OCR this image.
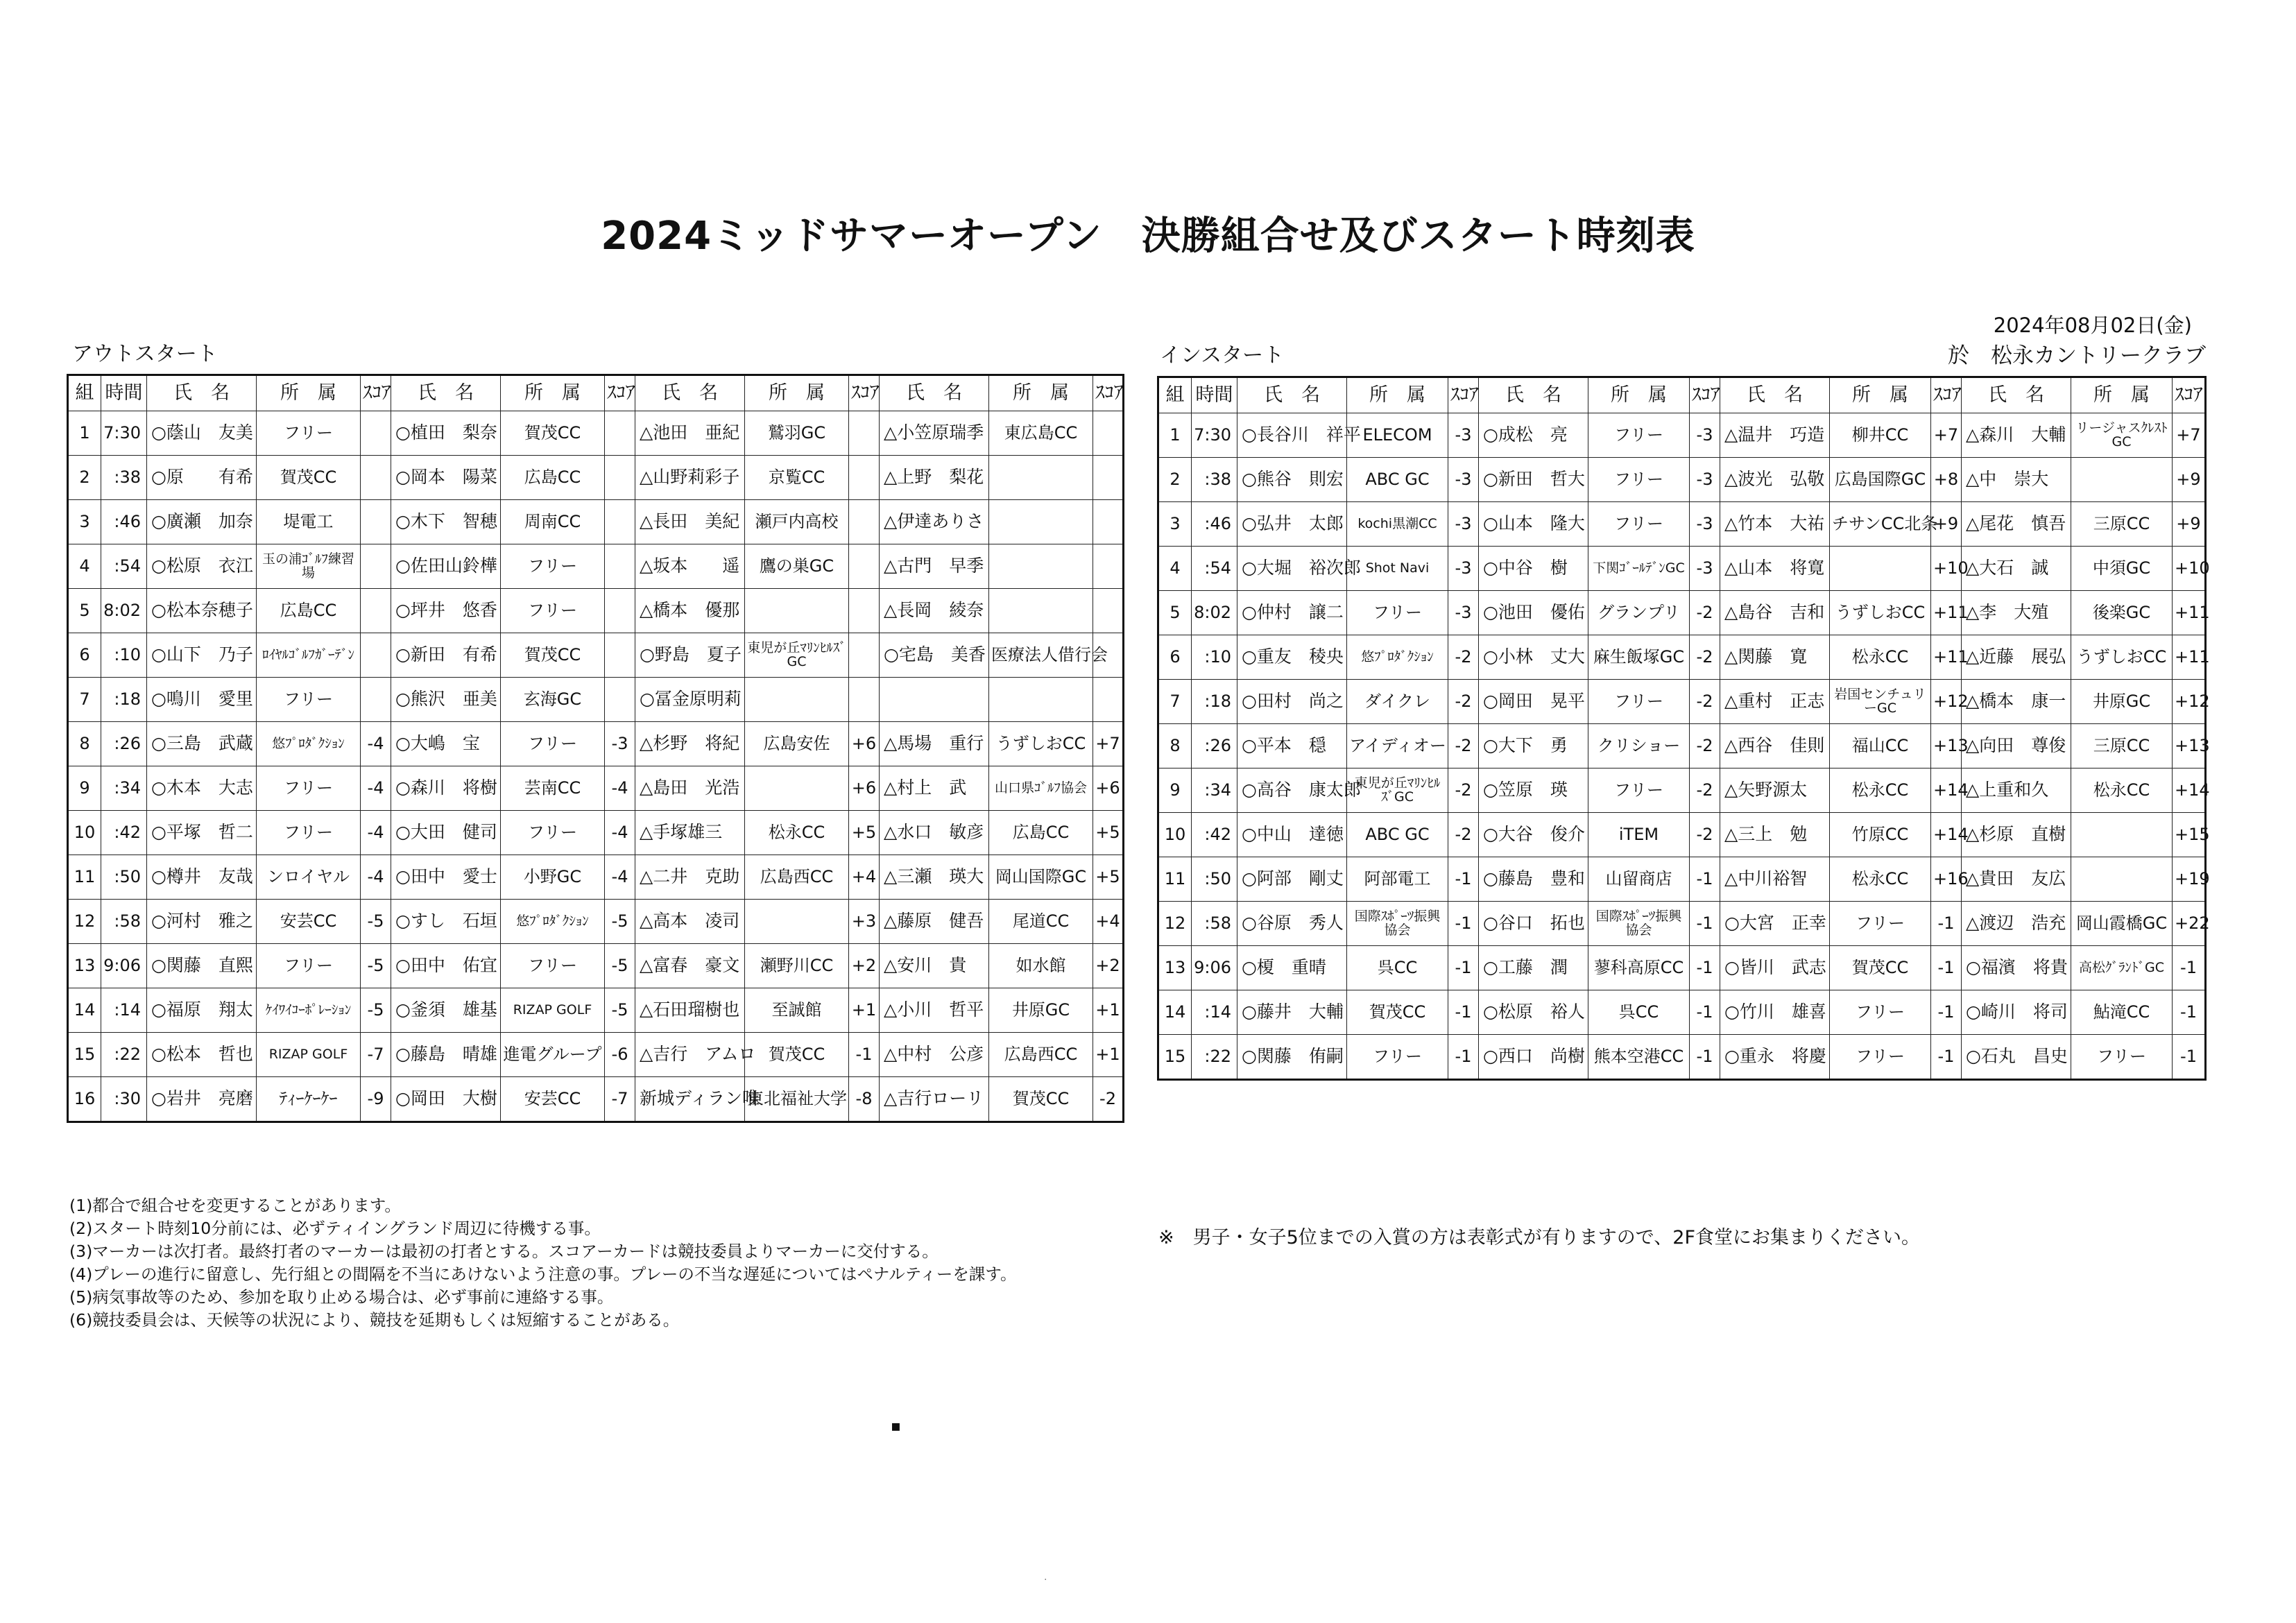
2024ミッドサマーオープン　決勝組合せ及びスタート時刻表
2024年08月02日(金)
於　松永カントリークラブ
アウトスタート	インスタート
組	時間	氏　名	所　属	ｽｺｱ	氏　名	所　属	ｽｺｱ	氏　名	所　属	ｽｺｱ	氏　名	所　属	ｽｺｱ
1	7:30	○蔭山　友美	フリー		○植田　梨奈	賀茂CC		△池田　亜紀	鷲羽GC		△小笠原瑞季	東広島CC	
2	:38	○原　　有希	賀茂CC		○岡本　陽菜	広島CC		△山野莉彩子	京覧CC		△上野　梨花		
3	:46	○廣瀬　加奈	堤電工		○木下　智穂	周南CC		△長田　美紀	瀬戸内高校		△伊達ありさ		
4	:54	○松原　衣江	玉の浦ｺﾞﾙﾌ練習場		○佐田山鈴樺	フリー		△坂本　　遥	鷹の巣GC		△古門　早季		
5	8:02	○松本奈穂子	広島CC		○坪井　悠香	フリー		△橋本　優那			△長岡　綾奈		
6	:10	○山下　乃子	ﾛｲﾔﾙｺﾞﾙﾌｶﾞｰﾃﾞﾝ		○新田　有希	賀茂CC		○野島　夏子	東児が丘ﾏﾘﾝﾋﾙｽﾞGC		○宅島　美香	医療法人借行会	
7	:18	○鳴川　愛里	フリー		○熊沢　亜美	玄海GC		○冨金原明莉					
8	:26	○三島　武蔵	悠ﾌﾟﾛﾀﾞｸｼｮﾝ	-4	○大嶋　宝	フリー	-3	△杉野　将紀	広島安佐	+6	△馬場　重行	うずしおCC	+7
9	:34	○木本　大志	フリー	-4	○森川　将樹	芸南CC	-4	△島田　光浩		+6	△村上　武	山口県ｺﾞﾙﾌ協会	+6
10	:42	○平塚　哲二	フリー	-4	○大田　健司	フリー	-4	△手塚雄三	松永CC	+5	△水口　敏彦	広島CC	+5
11	:50	○樽井　友哉	ンロイヤル	-4	○田中　愛士	小野GC	-4	△二井　克助	広島西CC	+4	△三瀬　瑛大	岡山国際GC	+5
12	:58	○河村　雅之	安芸CC	-5	○すし　石垣	悠ﾌﾟﾛﾀﾞｸｼｮﾝ	-5	△高本　凌司		+3	△藤原　健吾	尾道CC	+4
13	9:06	○関藤　直熙	フリー	-5	○田中　佑宜	フリー	-5	△富春　豪文	瀬野川CC	+2	△安川　貴	如水館	+2
14	:14	○福原　翔太	ｹｲﾜｲｺｰﾎﾟﾚｰｼｮﾝ	-5	○釜須　雄基	RIZAP GOLF	-5	△石田瑠樹也	至誠館	+1	△小川　哲平	井原GC	+1
15	:22	○松本　哲也	RIZAP GOLF	-7	○藤島　晴雄	進電グループ	-6	△吉行　アムロ	賀茂CC	-1	△中村　公彦	広島西CC	+1
16	:30	○岩井　亮磨	ﾃｨｰｹｰｹｰ	-9	○岡田　大樹	安芸CC	-7	新城ディラン唯	東北福祉大学	-8	△吉行ローリ	賀茂CC	-2
組	時間	氏　名	所　属	ｽｺｱ	氏　名	所　属	ｽｺｱ	氏　名	所　属	ｽｺｱ	氏　名	所　属	ｽｺｱ
1	7:30	○長谷川　祥平	ELECOM	-3	○成松　亮	フリー	-3	△温井　巧造	柳井CC	+7	△森川　大輔	リージャスｸﾚｽﾄGC	+7
2	:38	○熊谷　則宏	ABC GC	-3	○新田　哲大	フリー	-3	△波光　弘敬	広島国際GC	+8	△中　崇大		+9
3	:46	○弘井　太郎	kochi黒潮CC	-3	○山本　隆大	フリー	-3	△竹本　大祐	チサンCC北条	+9	△尾花　慎吾	三原CC	+9
4	:54	○大堀　裕次郎	Shot Navi	-3	○中谷　樹	下関ｺﾞｰﾙﾃﾞﾝGC	-3	△山本　将寛		+10	△大石　誠	中須GC	+10
5	8:02	○仲村　譲二	フリー	-3	○池田　優佑	グランプリ	-2	△島谷　吉和	うずしおCC	+11	△李　大殖	後楽GC	+11
6	:10	○重友　稜央	悠ﾌﾟﾛﾀﾞｸｼｮﾝ	-2	○小林　丈大	麻生飯塚GC	-2	△関藤　寛	松永CC	+11	△近藤　展弘	うずしおCC	+11
7	:18	○田村　尚之	ダイクレ	-2	○岡田　晃平	フリー	-2	△重村　正志	岩国センチュリーGC	+12	△橋本　康一	井原GC	+12
8	:26	○平本　穏	アイディオー	-2	○大下　勇	クリショー	-2	△西谷　佳則	福山CC	+13	△向田　尊俊	三原CC	+13
9	:34	○高谷　康太郎	東児が丘ﾏﾘﾝﾋﾙｽﾞGC	-2	○笠原　瑛	フリー	-2	△矢野源太	松永CC	+14	△上重和久	松永CC	+14
10	:42	○中山　達徳	ABC GC	-2	○大谷　俊介	iTEM	-2	△三上　勉	竹原CC	+14	△杉原　直樹		+15
11	:50	○阿部　剛丈	阿部電工	-1	○藤島　豊和	山留商店	-1	△中川裕智	松永CC	+16	△貴田　友広		+19
12	:58	○谷原　秀人	国際ｽﾎﾟｰﾂ振興協会	-1	○谷口　拓也	国際ｽﾎﾟｰﾂ振興協会	-1	○大宮　正幸	フリー	-1	△渡辺　浩充	岡山霞橋GC	+22
13	9:06	○榎　重晴	呉CC	-1	○工藤　潤	蓼科高原CC	-1	○皆川　武志	賀茂CC	-1	○福濱　将貴	高松ｸﾞﾗﾝﾄﾞGC	-1
14	:14	○藤井　大輔	賀茂CC	-1	○松原　裕人	呉CC	-1	○竹川　雄喜	フリー	-1	○崎川　将司	鮎滝CC	-1
15	:22	○関藤　侑嗣	フリー	-1	○西口　尚樹	熊本空港CC	-1	○重永　将慶	フリー	-1	○石丸　昌史	フリー	-1
(1)都合で組合せを変更することがあります。
(2)スタート時刻10分前には、必ずティイングランド周辺に待機する事。
(3)マーカーは次打者。最終打者のマーカーは最初の打者とする。スコアーカードは競技委員よりマーカーに交付する。
(4)プレーの進行に留意し、先行組との間隔を不当にあけないよう注意の事。プレーの不当な遅延についてはペナルティーを課す。
(5)病気事故等のため、参加を取り止める場合は、必ず事前に連絡する事。
(6)競技委員会は、天候等の状況により、競技を延期もしくは短縮することがある。
※　男子・女子5位までの入賞の方は表彰式が有りますので、2F食堂にお集まりください。
▪
·
